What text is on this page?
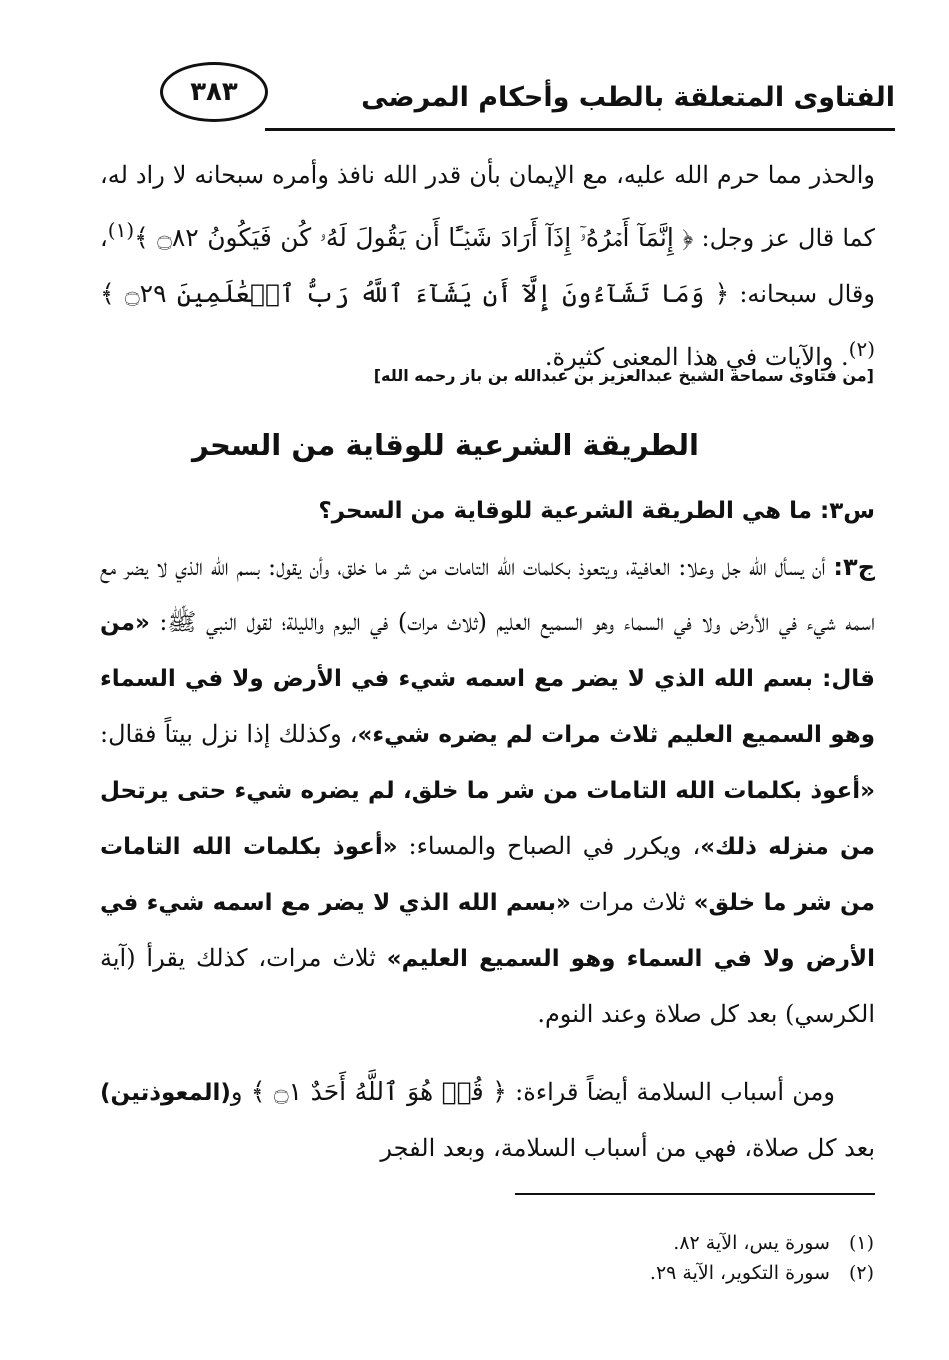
٣٨٣	الفتاوى المتعلقة بالطب وأحكام المرضى

والحذر مما حرم الله عليه، مع الإيمان بأن قدر الله نافذ وأمره سبحانه لا راد له، كما قال عز وجل: ﴿ إِنَّمَآ أَمۡرُهُۥٓ إِذَآ أَرَادَ شَيۡـًٔا أَن يَقُولَ لَهُۥ كُن فَيَكُونُ ۝٨٢ ﴾$^{(١)}$، وقال سبحانه: ﴿ وَمَا تَشَآءُونَ إِلَّآ أَن يَشَآءَ ٱللَّهُ رَبُّ ٱلۡعَٰلَمِينَ ۝٢٩ ﴾$^{(٢)}$. والآيات في هذا المعنى كثيرة.

[من فتاوى سماحة الشيخ عبدالعزيز بن عبدالله بن باز رحمه الله]
الطريقة الشرعية للوقاية من السحر

س٣: ما هي الطريقة الشرعية للوقاية من السحر؟

ج٣: أن يسأل الله جل وعلا: العافية، ويتعوذ بكلمات الله التامات من شر ما خلق، وأن يقول: بسم الله الذي لا يضر مع اسمه شيء في الأرض ولا في السماء وهو السميع العليم (ثلاث مرات) في اليوم والليلة؛ لقول النبي ﷺ: «من قال: بسم الله الذي لا يضر مع اسمه شيء في الأرض ولا في السماء وهو السميع العليم ثلاث مرات لم يضره شيء»، وكذلك إذا نزل بيتاً فقال: «أعوذ بكلمات الله التامات من شر ما خلق، لم يضره شيء حتى يرتحل من منزله ذلك»، ويكرر في الصباح والمساء: «أعوذ بكلمات الله التامات من شر ما خلق» ثلاث مرات «بسم الله الذي لا يضر مع اسمه شيء في الأرض ولا في السماء وهو السميع العليم» ثلاث مرات، كذلك يقرأ (آية الكرسي) بعد كل صلاة وعند النوم.

ومن أسباب السلامة أيضاً قراءة: ﴿ قُلۡ هُوَ ٱللَّهُ أَحَدٌ ۝١ ﴾ و(المعوذتين) بعد كل صلاة، فهي من أسباب السلامة، وبعد الفجر

(١) سورة يس، الآية ٨٢.
(٢) سورة التكوير، الآية ٢٩.
